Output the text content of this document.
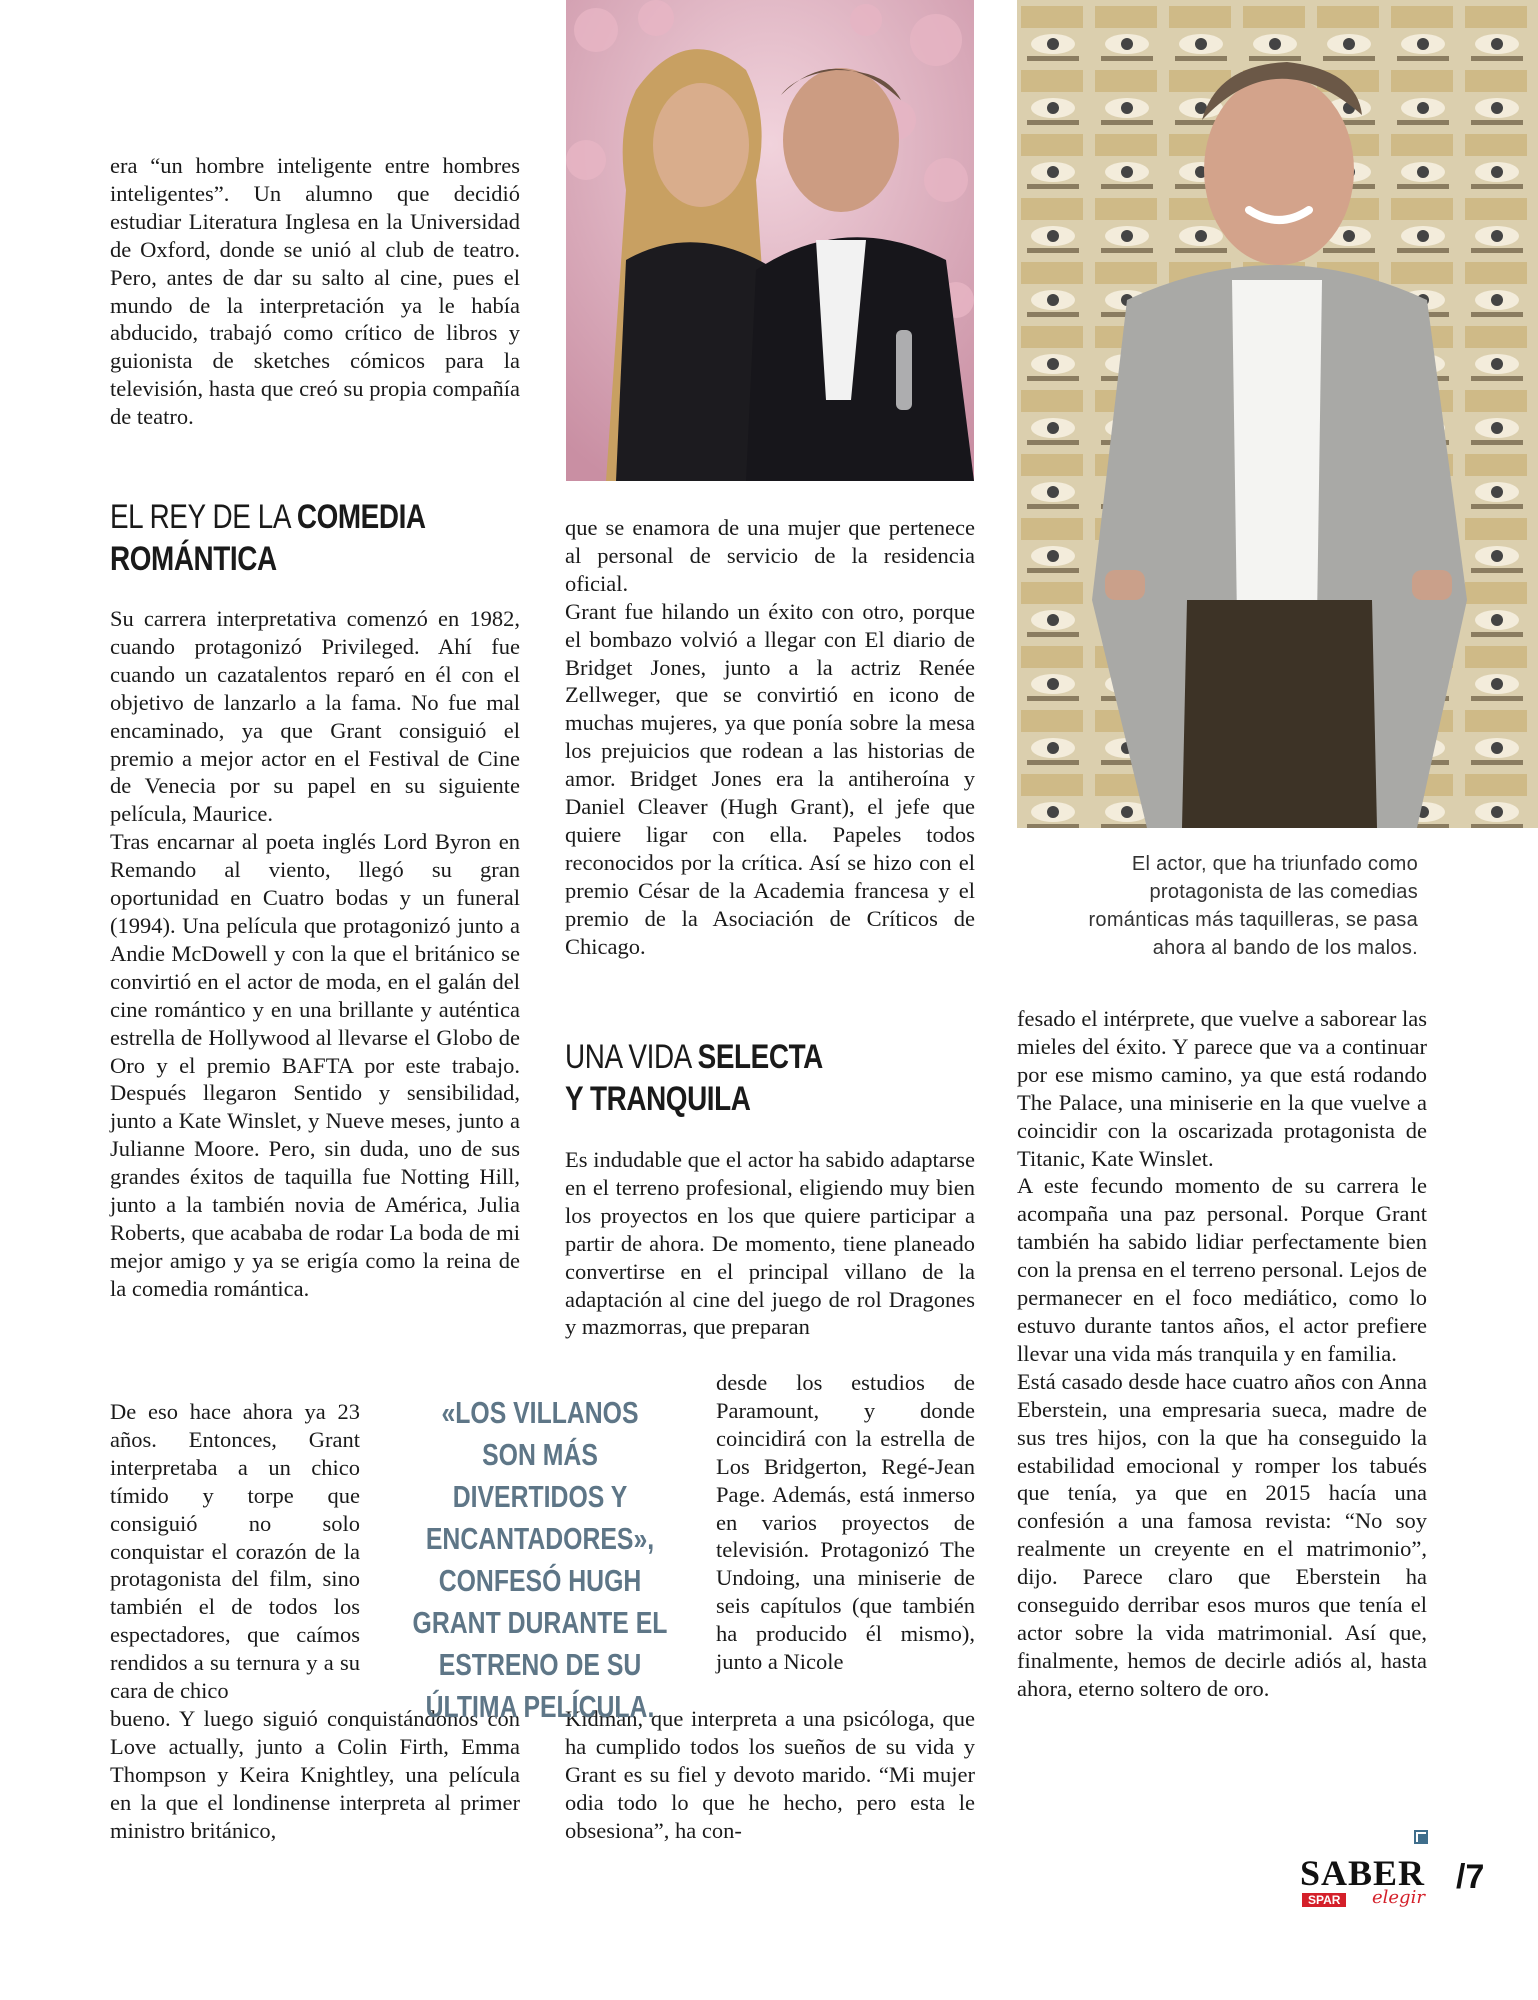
era “un hombre inteligente entre hombres inteligentes”. Un alumno que decidió estudiar Literatura Inglesa en la Universidad de Oxford, donde se unió al club de teatro. Pero, antes de dar su salto al cine, pues el mundo de la interpretación ya le había abducido, trabajó como crítico de libros y guionista de sketches cómicos para la televisión, hasta que creó su propia compañía de teatro.

EL REY DE LA COMEDIA
ROMÁNTICA

Su carrera interpretativa comenzó en 1982, cuando protagonizó Privileged. Ahí fue cuando un cazatalentos reparó en él con el objetivo de lanzarlo a la fama. No fue mal encaminado, ya que Grant consiguió el premio a mejor actor en el Festival de Cine de Venecia por su papel en su siguiente película, Maurice.

Tras encarnar al poeta inglés Lord Byron en Remando al viento, llegó su gran oportunidad en Cuatro bodas y un funeral (1994). Una película que protagonizó junto a Andie McDowell y con la que el británico se convirtió en el actor de moda, en el galán del cine romántico y en una brillante y auténtica estrella de Hollywood al llevarse el Globo de Oro y el premio BAFTA por este trabajo. Después llegaron Sentido y sensibilidad, junto a Kate Winslet, y Nueve meses, junto a Julianne Moore. Pero, sin duda, uno de sus grandes éxitos de taquilla fue Notting Hill, junto a la también novia de América, Julia Roberts, que acababa de rodar La boda de mi mejor amigo y ya se erigía como la reina de la comedia romántica.

De eso hace ahora ya 23 años. Entonces, Grant interpretaba a un chico tímido y torpe que consiguió no solo conquistar el corazón de la protagonista del film, sino también el de todos los espectadores, que caímos rendidos a su ternura y a su cara de chico

bueno. Y luego siguió conquistándonos con Love actually, junto a Colin Firth, Emma Thompson y Keira Knightley, una película en la que el londinense interpreta al primer ministro británico,

que se enamora de una mujer que pertenece al personal de servicio de la residencia oficial.

Grant fue hilando un éxito con otro, porque el bombazo volvió a llegar con El diario de Bridget Jones, junto a la actriz Renée Zellweger, que se convirtió en icono de muchas mujeres, ya que ponía sobre la mesa los prejuicios que rodean a las historias de amor. Bridget Jones era la antiheroína y Daniel Cleaver (Hugh Grant), el jefe que quiere ligar con ella. Papeles todos reconocidos por la crítica. Así se hizo con el premio César de la Academia francesa y el premio de la Asociación de Críticos de Chicago.

UNA VIDA SELECTA
Y TRANQUILA

Es indudable que el actor ha sabido adaptarse en el terreno profesional, eligiendo muy bien los proyectos en los que quiere participar a partir de ahora. De momento, tiene planeado convertirse en el principal villano de la adaptación al cine del juego de rol Dragones y mazmorras, que preparan

desde los estudios de Paramount, y donde coincidirá con la estrella de Los Bridgerton, Regé-Jean Page. Además, está inmerso en varios proyectos de televisión. Protagonizó The Undoing, una miniserie de seis capítulos (que también ha producido él mismo), junto a Nicole

Kidman, que interpreta a una psicóloga, que ha cumplido todos los sueños de su vida y Grant es su fiel y devoto marido. “Mi mujer odia todo lo que he hecho, pero esta le obsesiona”, ha con-

«LOS VILLANOS SON MÁS DIVERTIDOS Y ENCANTADORES», CONFESÓ HUGH GRANT DURANTE EL ESTRENO DE SU ÚLTIMA PELÍCULA.
El actor, que ha triunfado como protagonista de las comedias románticas más taquilleras, se pasa ahora al bando de los malos.

fesado el intérprete, que vuelve a saborear las mieles del éxito. Y parece que va a continuar por ese mismo camino, ya que está rodando The Palace, una miniserie en la que vuelve a coincidir con la oscarizada protagonista de Titanic, Kate Winslet.

A este fecundo momento de su carrera le acompaña una paz personal. Porque Grant también ha sabido lidiar perfectamente bien con la prensa en el terreno personal. Lejos de permanecer en el foco mediático, como lo estuvo durante tantos años, el actor prefiere llevar una vida más tranquila y en familia.

Está casado desde hace cuatro años con Anna Eberstein, una empresaria sueca, madre de sus tres hijos, con la que ha conseguido la estabilidad emocional y romper los tabués que tenía, ya que en 2015 hacía una confesión a una famosa revista: “No soy realmente un creyente en el matrimonio”, dijo. Parece claro que Eberstein ha conseguido derribar esos muros que tenía el actor sobre la vida matrimonial. Así que, finalmente, hemos de decirle adiós al, hasta ahora, eterno soltero de oro.

SABER
SPAR	elegir
/7
